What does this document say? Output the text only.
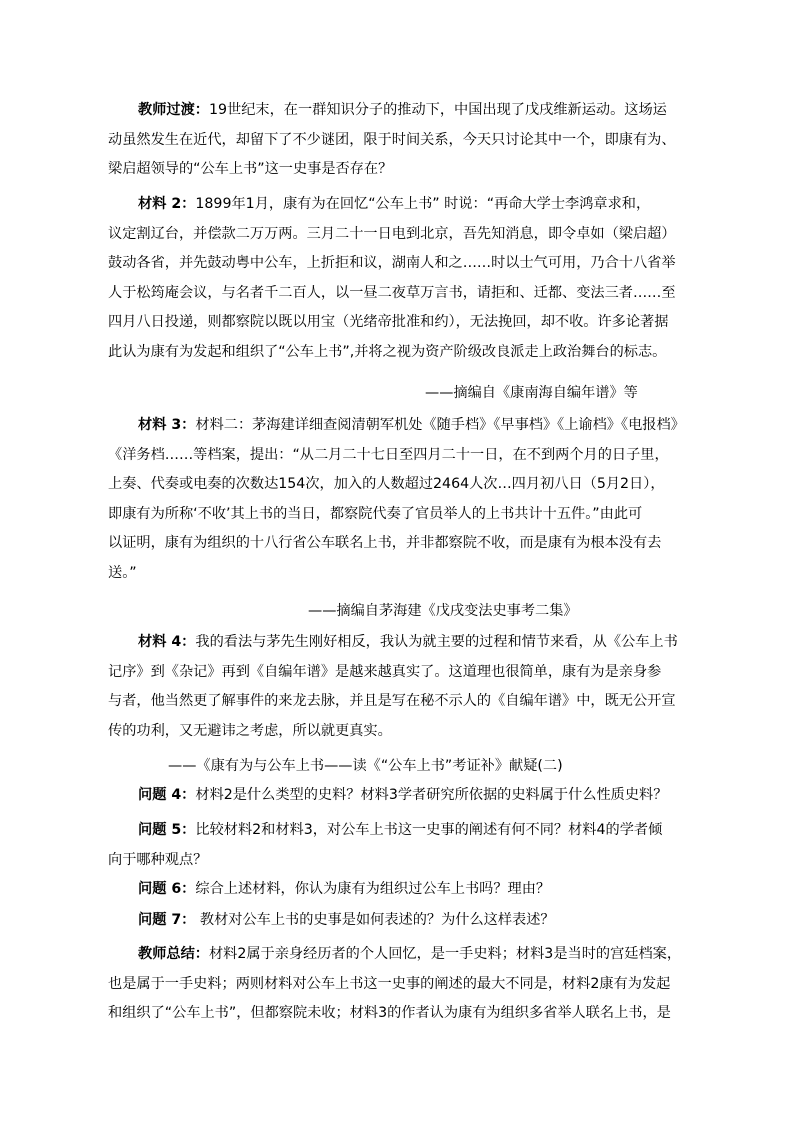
教师过渡：19世纪末，在一群知识分子的推动下，中国出现了戊戌维新运动。这场运
动虽然发生在近代，却留下了不少谜团，限于时间关系，今天只讨论其中一个，即康有为、
梁启超领导的“公车上书”这一史事是否存在？
材料 2：1899年1月，康有为在回忆“公车上书” 时说：“再命大学士李鸿章求和，
议定割辽台，并偿款二万万两。三月二十一日电到北京，吾先知消息，即令卓如（梁启超）
鼓动各省，并先鼓动粤中公车，上折拒和议，湖南人和之……时以士气可用，乃合十八省举
人于松筠庵会议，与名者千二百人，以一昼二夜草万言书，请拒和、迁都、变法三者……至
四月八日投递，则都察院以既以用宝（光绪帝批准和约），无法挽回，却不收。许多论著据
此认为康有为发起和组织了“公车上书”,并将之视为资产阶级改良派走上政治舞台的标志。
——摘编自《康南海自编年谱》等
材料 3：材料二：茅海建详细查阅清朝军机处《随手档》《早事档》《上谕档》《电报档》
《洋务档……等档案，提出：“从二月二十七日至四月二十一日，在不到两个月的日子里，
上奏、代奏或电奏的次数达154次，加入的人数超过2464人次…四月初八日（5月2日），
即康有为所称‘不收’其上书的当日，都察院代奏了官员举人的上书共计十五件。”由此可
以证明，康有为组织的十八行省公车联名上书，并非都察院不收，而是康有为根本没有去
送。”
——摘编自茅海建《戊戌变法史事考二集》
材料 4：我的看法与茅先生刚好相反，我认为就主要的过程和情节来看，从《公车上书
记序》到《杂记》再到《自编年谱》是越来越真实了。这道理也很简单，康有为是亲身参
与者，他当然更了解事件的来龙去脉，并且是写在秘不示人的《自编年谱》中，既无公开宣
传的功利，又无避讳之考虑，所以就更真实。
——《康有为与公车上书——读《“公车上书”考证补》献疑(二)
问题 4：材料2是什么类型的史料？材料3学者研究所依据的史料属于什么性质史料？
问题 5：比较材料2和材料3，对公车上书这一史事的阐述有何不同？材料4的学者倾
向于哪种观点？
问题 6：综合上述材料，你认为康有为组织过公车上书吗？理由？
问题 7： 教材对公车上书的史事是如何表述的？为什么这样表述？
教师总结：材料2属于亲身经历者的个人回忆，是一手史料；材料3是当时的宫廷档案，
也是属于一手史料；两则材料对公车上书这一史事的阐述的最大不同是，材料2康有为发起
和组织了“公车上书”，但都察院未收；材料3的作者认为康有为组织多省举人联名上书，是
